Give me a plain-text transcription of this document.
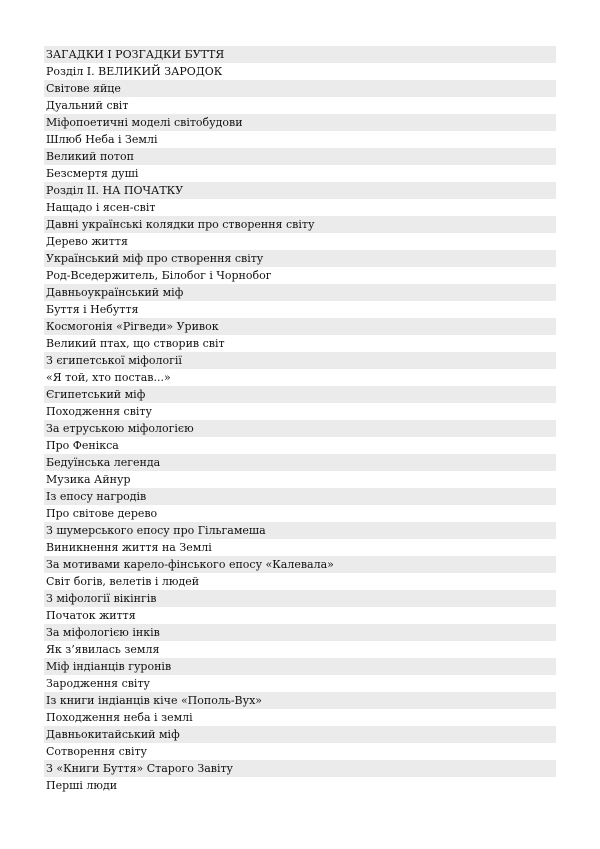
ЗАГАДКИ І РОЗГАДКИ БУТТЯ
Розділ І. ВЕЛИКИЙ ЗАРОДОК
Світове яйце
Дуальний світ
Міфопоетичні моделі світобудови
Шлюб Неба і Землі
Великий потоп
Безсмертя душі
Розділ ІІ. НА ПОЧАТКУ
Нащадо і ясен-світ
Давні українські колядки про створення світу
Дерево життя
Український міф про створення світу
Род-Вседержитель, Білобог і Чорнобог
Давньоукраїнський міф
Буття і Небуття
Космогонія «Рігведи» Уривок
Великий птах, що створив світ
З єгипетської міфології
«Я той, хто постав...»
Єгипетський міф
Походження світу
За етруською міфологією
Про Фенікса
Бедуїнська легенда
Музика Айнур
Із епосу нагродів
Про світове дерево
З шумерського епосу про Гільгамеша
Виникнення життя на Землі
За мотивами карело-фінського епосу «Калевала»
Світ богів, велетів і людей
З міфології вікінгів
Початок життя
За міфологією інків
Як з’явилась земля
Міф індіанців гуронів
Зародження світу
Із книги індіанців кіче «Пополь-Вух»
Походження неба і землі
Давньокитайський міф
Сотворення світу
З «Книги Буття» Старого Завіту
Перші люди
